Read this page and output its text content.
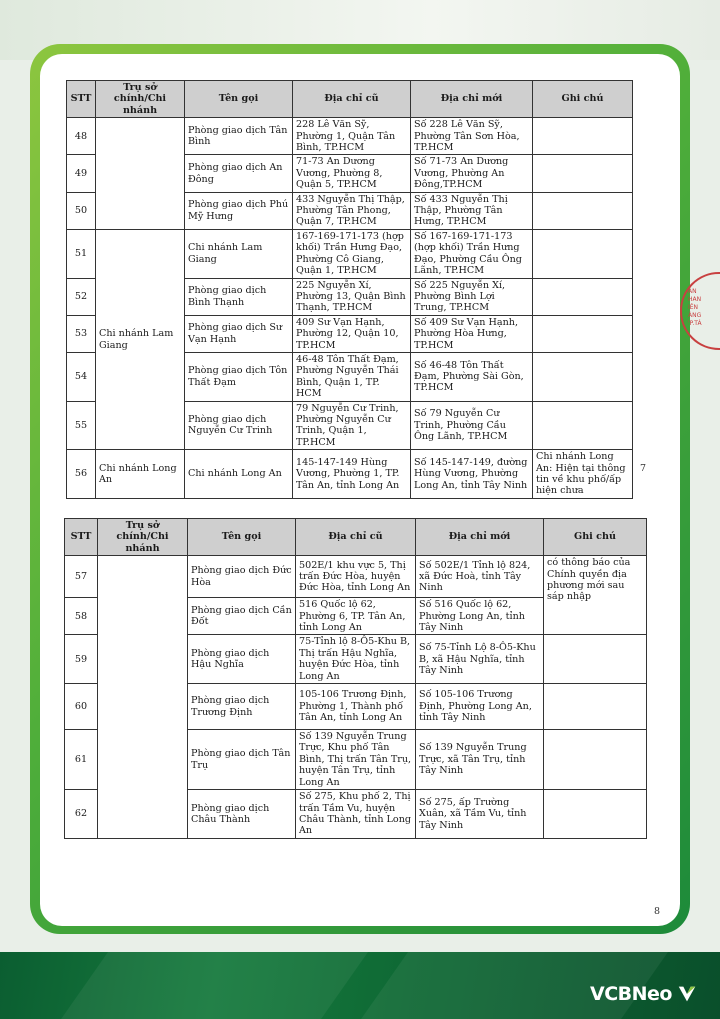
STT	Trụ sở chính/Chi nhánh	Tên gọi	Địa chỉ cũ	Địa chỉ mới	Ghi chú
48		Phòng giao dịch Tân Bình	228 Lê Văn Sỹ, Phường 1, Quận Tân Bình, TP.HCM	Số 228 Lê Văn Sỹ, Phường Tân Sơn Hòa, TP.HCM	
49		Phòng giao dịch An Đông	71-73 An Dương Vương, Phường 8, Quận 5, TP.HCM	Số 71-73 An Dương Vương, Phường An Đông,TP.HCM	
50		Phòng giao dịch Phú Mỹ Hưng	433 Nguyễn Thị Thập, Phường Tân Phong, Quận 7, TP.HCM	Số 433 Nguyễn Thị Thập, Phường Tân Hưng, TP.HCM	
51	Chi nhánh Lam Giang	Chi nhánh Lam Giang	167-169-171-173 (hợp khối) Trần Hưng Đạo, Phường Cô Giang, Quận 1, TP.HCM	Số 167-169-171-173 (hợp khối) Trần Hưng Đạo, Phường Cầu Ông Lãnh, TP.HCM	
52		Phòng giao dịch Bình Thạnh	225 Nguyễn Xí, Phường 13, Quận Bình Thạnh, TP.HCM	Số 225 Nguyễn Xí, Phường Bình Lợi Trung, TP.HCM	
53		Phòng giao dịch Sư Vạn Hạnh	409 Sư Vạn Hạnh, Phường 12, Quận 10, TP.HCM	Số 409 Sư Vạn Hạnh, Phường Hòa Hưng, TP.HCM	
54		Phòng giao dịch Tôn Thất Đạm	46-48 Tôn Thất Đạm, Phường Nguyễn Thái Bình, Quận 1, TP. HCM	Số 46-48 Tôn Thất Đạm, Phường Sài Gòn, TP.HCM	
55		Phòng giao dịch Nguyễn Cư Trinh	79 Nguyễn Cư Trinh, Phường Nguyễn Cư Trinh, Quận 1, TP.HCM	Số 79 Nguyễn Cư Trinh, Phường Cầu Ông Lãnh, TP.HCM	
56	Chi nhánh Long An	Chi nhánh Long An	145-147-149 Hùng Vương, Phường 1, TP. Tân An, tỉnh Long An	Số 145-147-149, đường Hùng Vương, Phường Long An, tỉnh Tây Ninh	Chi nhánh Long An: Hiện tại thông tin về khu phố/ấp hiện chưa
7
ÂN
HAN
IÊN
ÀNG
'P.TÁ
STT	Trụ sở chính/Chi nhánh	Tên gọi	Địa chỉ cũ	Địa chỉ mới	Ghi chú
57		Phòng giao dịch Đức Hòa	502E/1 khu vực 5, Thị trấn Đức Hòa, huyện Đức Hòa, tỉnh Long An	Số 502E/1 Tỉnh lộ 824, xã Đức Hoà, tỉnh Tây Ninh	có thông báo của Chính quyền địa phương mới sau sáp nhập
58		Phòng giao dịch Cần Đốt	516 Quốc lộ 62, Phường 6, TP. Tân An, tỉnh Long An	Số 516 Quốc lộ 62, Phường Long An, tỉnh Tây Ninh	
59		Phòng giao dịch Hậu Nghĩa	75-Tỉnh lộ 8-Ô5-Khu B, Thị trấn Hậu Nghĩa, huyện Đức Hòa, tỉnh Long An	Số 75-Tỉnh Lộ 8-Ô5-Khu B, xã Hậu Nghĩa, tỉnh Tây Ninh	
60		Phòng giao dịch Trương Định	105-106 Trương Định, Phường 1, Thành phố Tân An, tỉnh Long An	Số 105-106 Trương Định, Phường Long An, tỉnh Tây Ninh	
61		Phòng giao dịch Tân Trụ	Số 139 Nguyễn Trung Trực, Khu phố Tân Bình, Thị trấn Tân Trụ, huyện Tân Trụ, tỉnh Long An	Số 139 Nguyễn Trung Trực, xã Tân Trụ, tỉnh Tây Ninh	
62		Phòng giao dịch Châu Thành	Số 275, Khu phố 2, Thị trấn Tầm Vu, huyện Châu Thành, tỉnh Long An	Số 275, ấp Trường Xuân, xã Tầm Vu, tỉnh Tây Ninh	
8
VCBNeo
